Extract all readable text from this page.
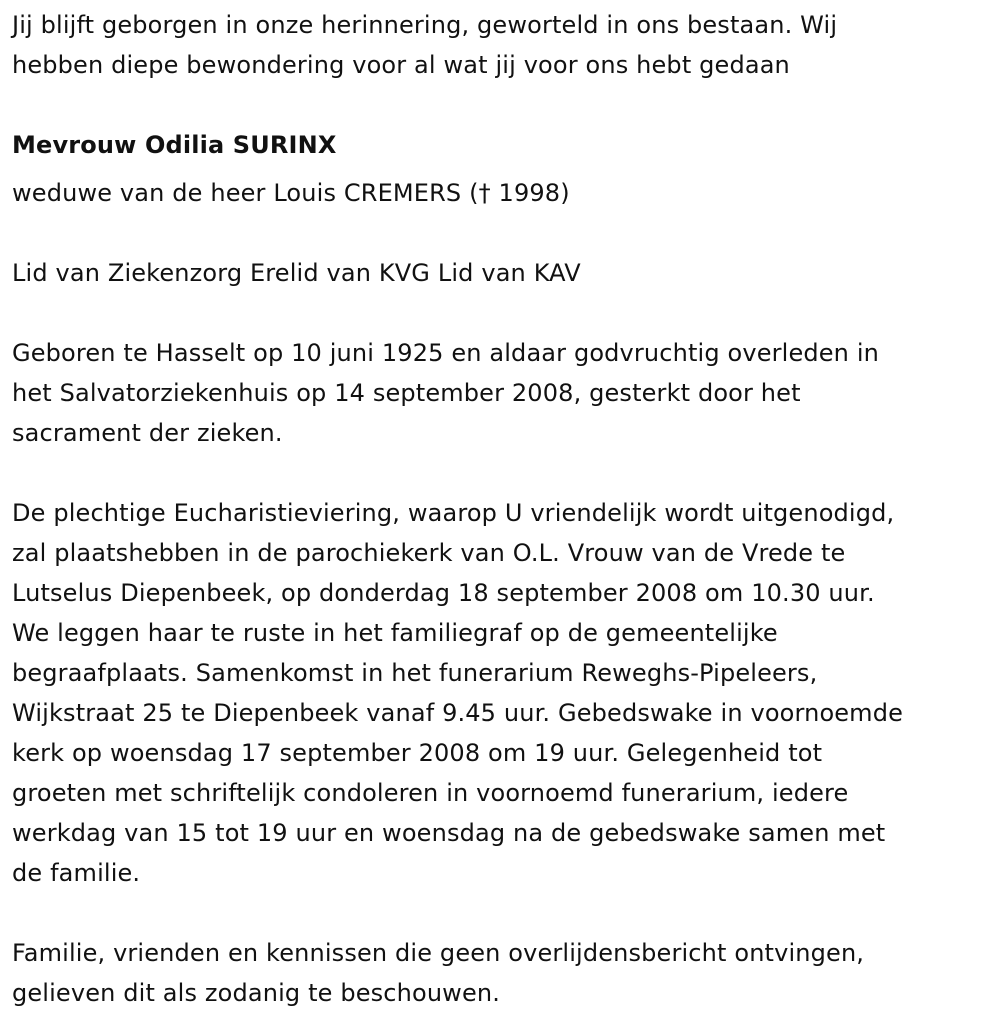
Jij blijft geborgen in onze herinnering, geworteld in ons bestaan. Wij
hebben diepe bewondering voor al wat jij voor ons hebt gedaan

Mevrouw Odilia SURINX

weduwe van de heer Louis CREMERS († 1998)

Lid van Ziekenzorg Erelid van KVG Lid van KAV

Geboren te Hasselt op 10 juni 1925 en aldaar godvruchtig overleden in
het Salvatorziekenhuis op 14 september 2008, gesterkt door het
sacrament der zieken.

De plechtige Eucharistieviering, waarop U vriendelijk wordt uitgenodigd,
zal plaatshebben in de parochiekerk van O.L. Vrouw van de Vrede te
Lutselus Diepenbeek, op donderdag 18 september 2008 om 10.30 uur.
We leggen haar te ruste in het familiegraf op de gemeentelijke
begraafplaats. Samenkomst in het funerarium Reweghs-Pipeleers,
Wijkstraat 25 te Diepenbeek vanaf 9.45 uur. Gebedswake in voornoemde
kerk op woensdag 17 september 2008 om 19 uur. Gelegenheid tot
groeten met schriftelijk condoleren in voornoemd funerarium, iedere
werkdag van 15 tot 19 uur en woensdag na de gebedswake samen met
de familie.

Familie, vrienden en kennissen die geen overlijdensbericht ontvingen,
gelieven dit als zodanig te beschouwen.
